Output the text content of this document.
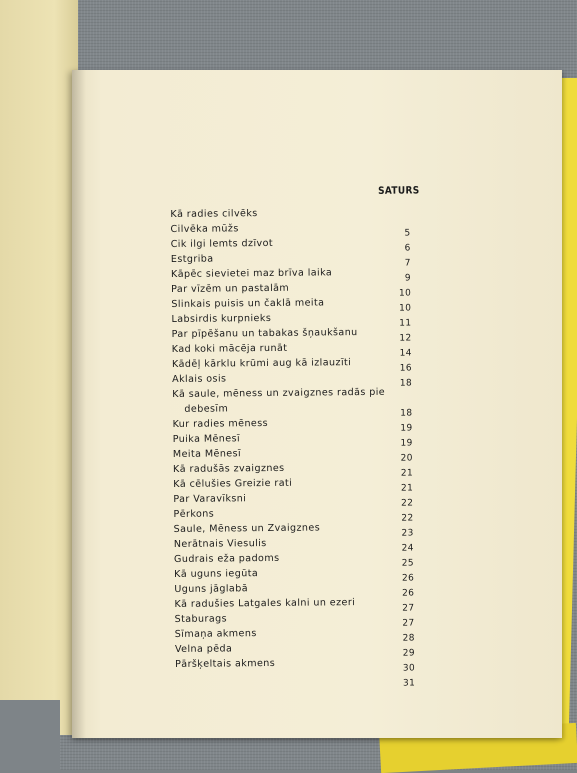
SATURS
Kā radies cilvēks
Cilvēka mūžs	5
Cik ilgi lemts dzīvot	6
Estgriba	7
Kāpēc sievietei maz brīva laika	9
Par vīzēm un pastalām	10
Slinkais puisis un čaklā meita	10
Labsirdis kurpnieks	11
Par pīpēšanu un tabakas šņaukšanu	12
Kad koki mācēja runāt	14
Kādēļ kārklu krūmi aug kā izlauzīti	16
Aklais osis	18
Kā saule, mēness un zvaigznes radās pie
debesīm	18
Kur radies mēness	19
Puika Mēnesī	19
Meita Mēnesī	20
Kā radušās zvaigznes	21
Kā cēlušies Greizie rati	21
Par Varavīksni	22
Pērkons	22
Saule, Mēness un Zvaigznes	23
Nerātnais Viesulis	24
Gudrais eža padoms	25
Kā uguns iegūta	26
Uguns jāglabā	26
Kā radušies Latgales kalni un ezeri	27
Staburags	27
Sīmaņa akmens	28
Velna pēda	29
Pāršķeltais akmens	30
31
